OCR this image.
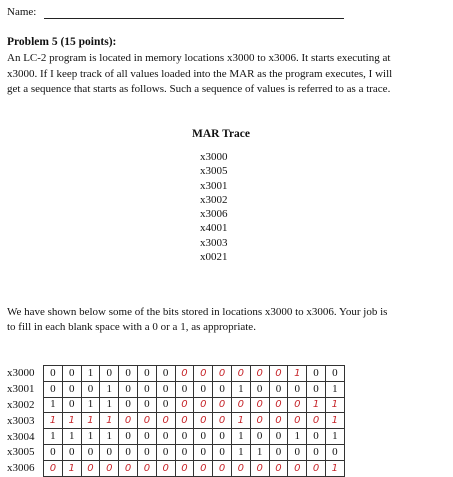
Name:
Problem 5 (15 points):
An LC-2 program is located in memory locations x3000 to x3006. It starts executing at
x3000. If I keep track of all values loaded into the MAR as the program executes, I will
get a sequence that starts as follows. Such a sequence of values is referred to as a trace.
MAR Trace
x3000
x3005
x3001
x3002
x3006
x4001
x3003
x0021
We have shown below some of the bits stored in locations x3000 to x3006. Your job is
to fill in each blank space with a 0 or a 1, as appropriate.
x3000	0	0	1	0	0	0	0	0	0	0	0	0	0	1	0	0
x3001	0	0	0	1	0	0	0	0	0	0	1	0	0	0	0	1
x3002	1	0	1	1	0	0	0	0	0	0	0	0	0	0	1	1
x3003	1	1	1	1	0	0	0	0	0	0	1	0	0	0	0	1
x3004	1	1	1	1	0	0	0	0	0	0	1	0	0	1	0	1
x3005	0	0	0	0	0	0	0	0	0	0	1	1	0	0	0	0
x3006	0	1	0	0	0	0	0	0	0	0	0	0	0	0	0	1
